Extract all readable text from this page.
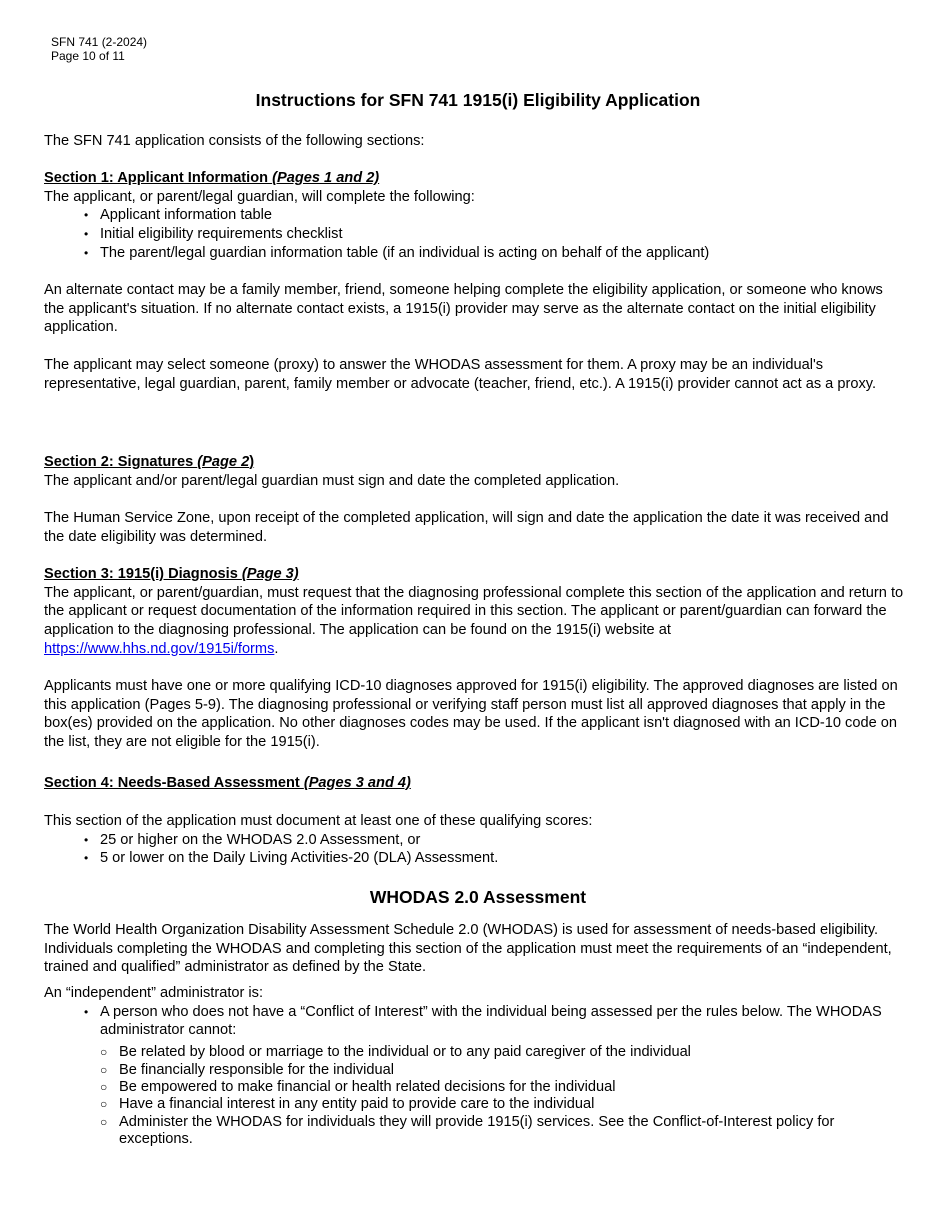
SFN 741 (2-2024)
Page 10 of 11
Instructions for SFN 741 1915(i) Eligibility Application
The SFN 741 application consists of the following sections:
Section 1: Applicant Information (Pages 1 and 2)
The applicant, or parent/legal guardian, will complete the following:
• Applicant information table
• Initial eligibility requirements checklist
• The parent/legal guardian information table (if an individual is acting on behalf of the applicant)
An alternate contact may be a family member, friend, someone helping complete the eligibility application, or someone who knows the applicant's situation. If no alternate contact exists, a 1915(i) provider may serve as the alternate contact on the initial eligibility application.
The applicant may select someone (proxy) to answer the WHODAS assessment for them. A proxy may be an individual's representative, legal guardian, parent, family member or advocate (teacher, friend, etc.). A 1915(i) provider cannot act as a proxy.
Section 2: Signatures (Page 2)
The applicant and/or parent/legal guardian must sign and date the completed application.
The Human Service Zone, upon receipt of the completed application, will sign and date the application the date it was received and the date eligibility was determined.
Section 3: 1915(i) Diagnosis (Page 3)
The applicant, or parent/guardian, must request that the diagnosing professional complete this section of the application and return to the applicant or request documentation of the information required in this section. The applicant or parent/guardian can forward the application to the diagnosing professional. The application can be found on the 1915(i) website at https://www.hhs.nd.gov/1915i/forms.
Applicants must have one or more qualifying ICD-10 diagnoses approved for 1915(i) eligibility. The approved diagnoses are listed on this application (Pages 5-9). The diagnosing professional or verifying staff person must list all approved diagnoses that apply in the box(es) provided on the application. No other diagnoses codes may be used. If the applicant isn't diagnosed with an ICD-10 code on the list, they are not eligible for the 1915(i).
Section 4: Needs-Based Assessment (Pages 3 and 4)
This section of the application must document at least one of these qualifying scores:
• 25 or higher on the WHODAS 2.0 Assessment, or
• 5 or lower on the Daily Living Activities-20 (DLA) Assessment.
WHODAS 2.0 Assessment
The World Health Organization Disability Assessment Schedule 2.0 (WHODAS) is used for assessment of needs-based eligibility. Individuals completing the WHODAS and completing this section of the application must meet the requirements of an “independent, trained and qualified” administrator as defined by the State.
An “independent” administrator is:
• A person who does not have a “Conflict of Interest” with the individual being assessed per the rules below. The WHODAS administrator cannot:
○ Be related by blood or marriage to the individual or to any paid caregiver of the individual
○ Be financially responsible for the individual
○ Be empowered to make financial or health related decisions for the individual
○ Have a financial interest in any entity paid to provide care to the individual
○ Administer the WHODAS for individuals they will provide 1915(i) services. See the Conflict-of-Interest policy for exceptions.
